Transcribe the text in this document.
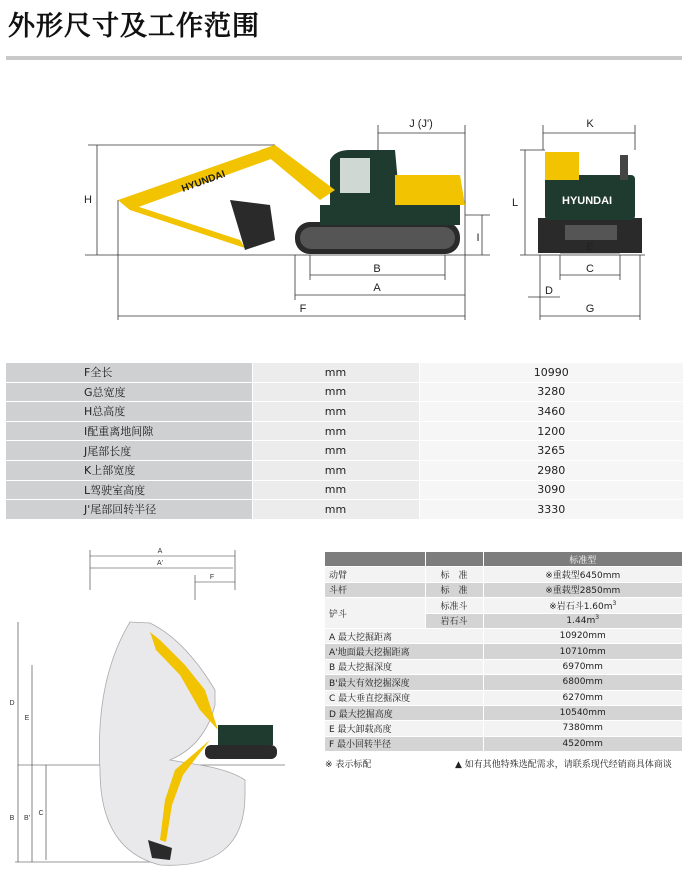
外形尺寸及工作范围
H
J (J')
B
A
F
I
K
L
E
C
D
G
HYUNDAI
HYUNDAI
F全长	mm	10990
G总宽度	mm	3280
H总高度	mm	3460
I配重离地间隙	mm	1200
J尾部长度	mm	3265
K上部宽度	mm	2980
L驾驶室高度	mm	3090
J'尾部回转半径	mm	3330
A
A'
F
D
E
B B'
C
		标准型
动臂	标　准	※重载型6450mm
斗杆	标　准	※重载型2850mm
铲斗	标准斗	※岩石斗$1.60m^3$
	岩石斗	$1.44m^3$
A 最大挖掘距离		10920mm
A'地面最大挖掘距离		10710mm
B 最大挖掘深度		6970mm
B'最大有效挖掘深度		6800mm
C 最大垂直挖掘深度		6270mm
D 最大挖掘高度		10540mm
E 最大卸载高度		7380mm
F 最小回转半径		4520mm
※ 表示标配	▲ 如有其他特殊选配需求，请联系现代经销商具体商谈
